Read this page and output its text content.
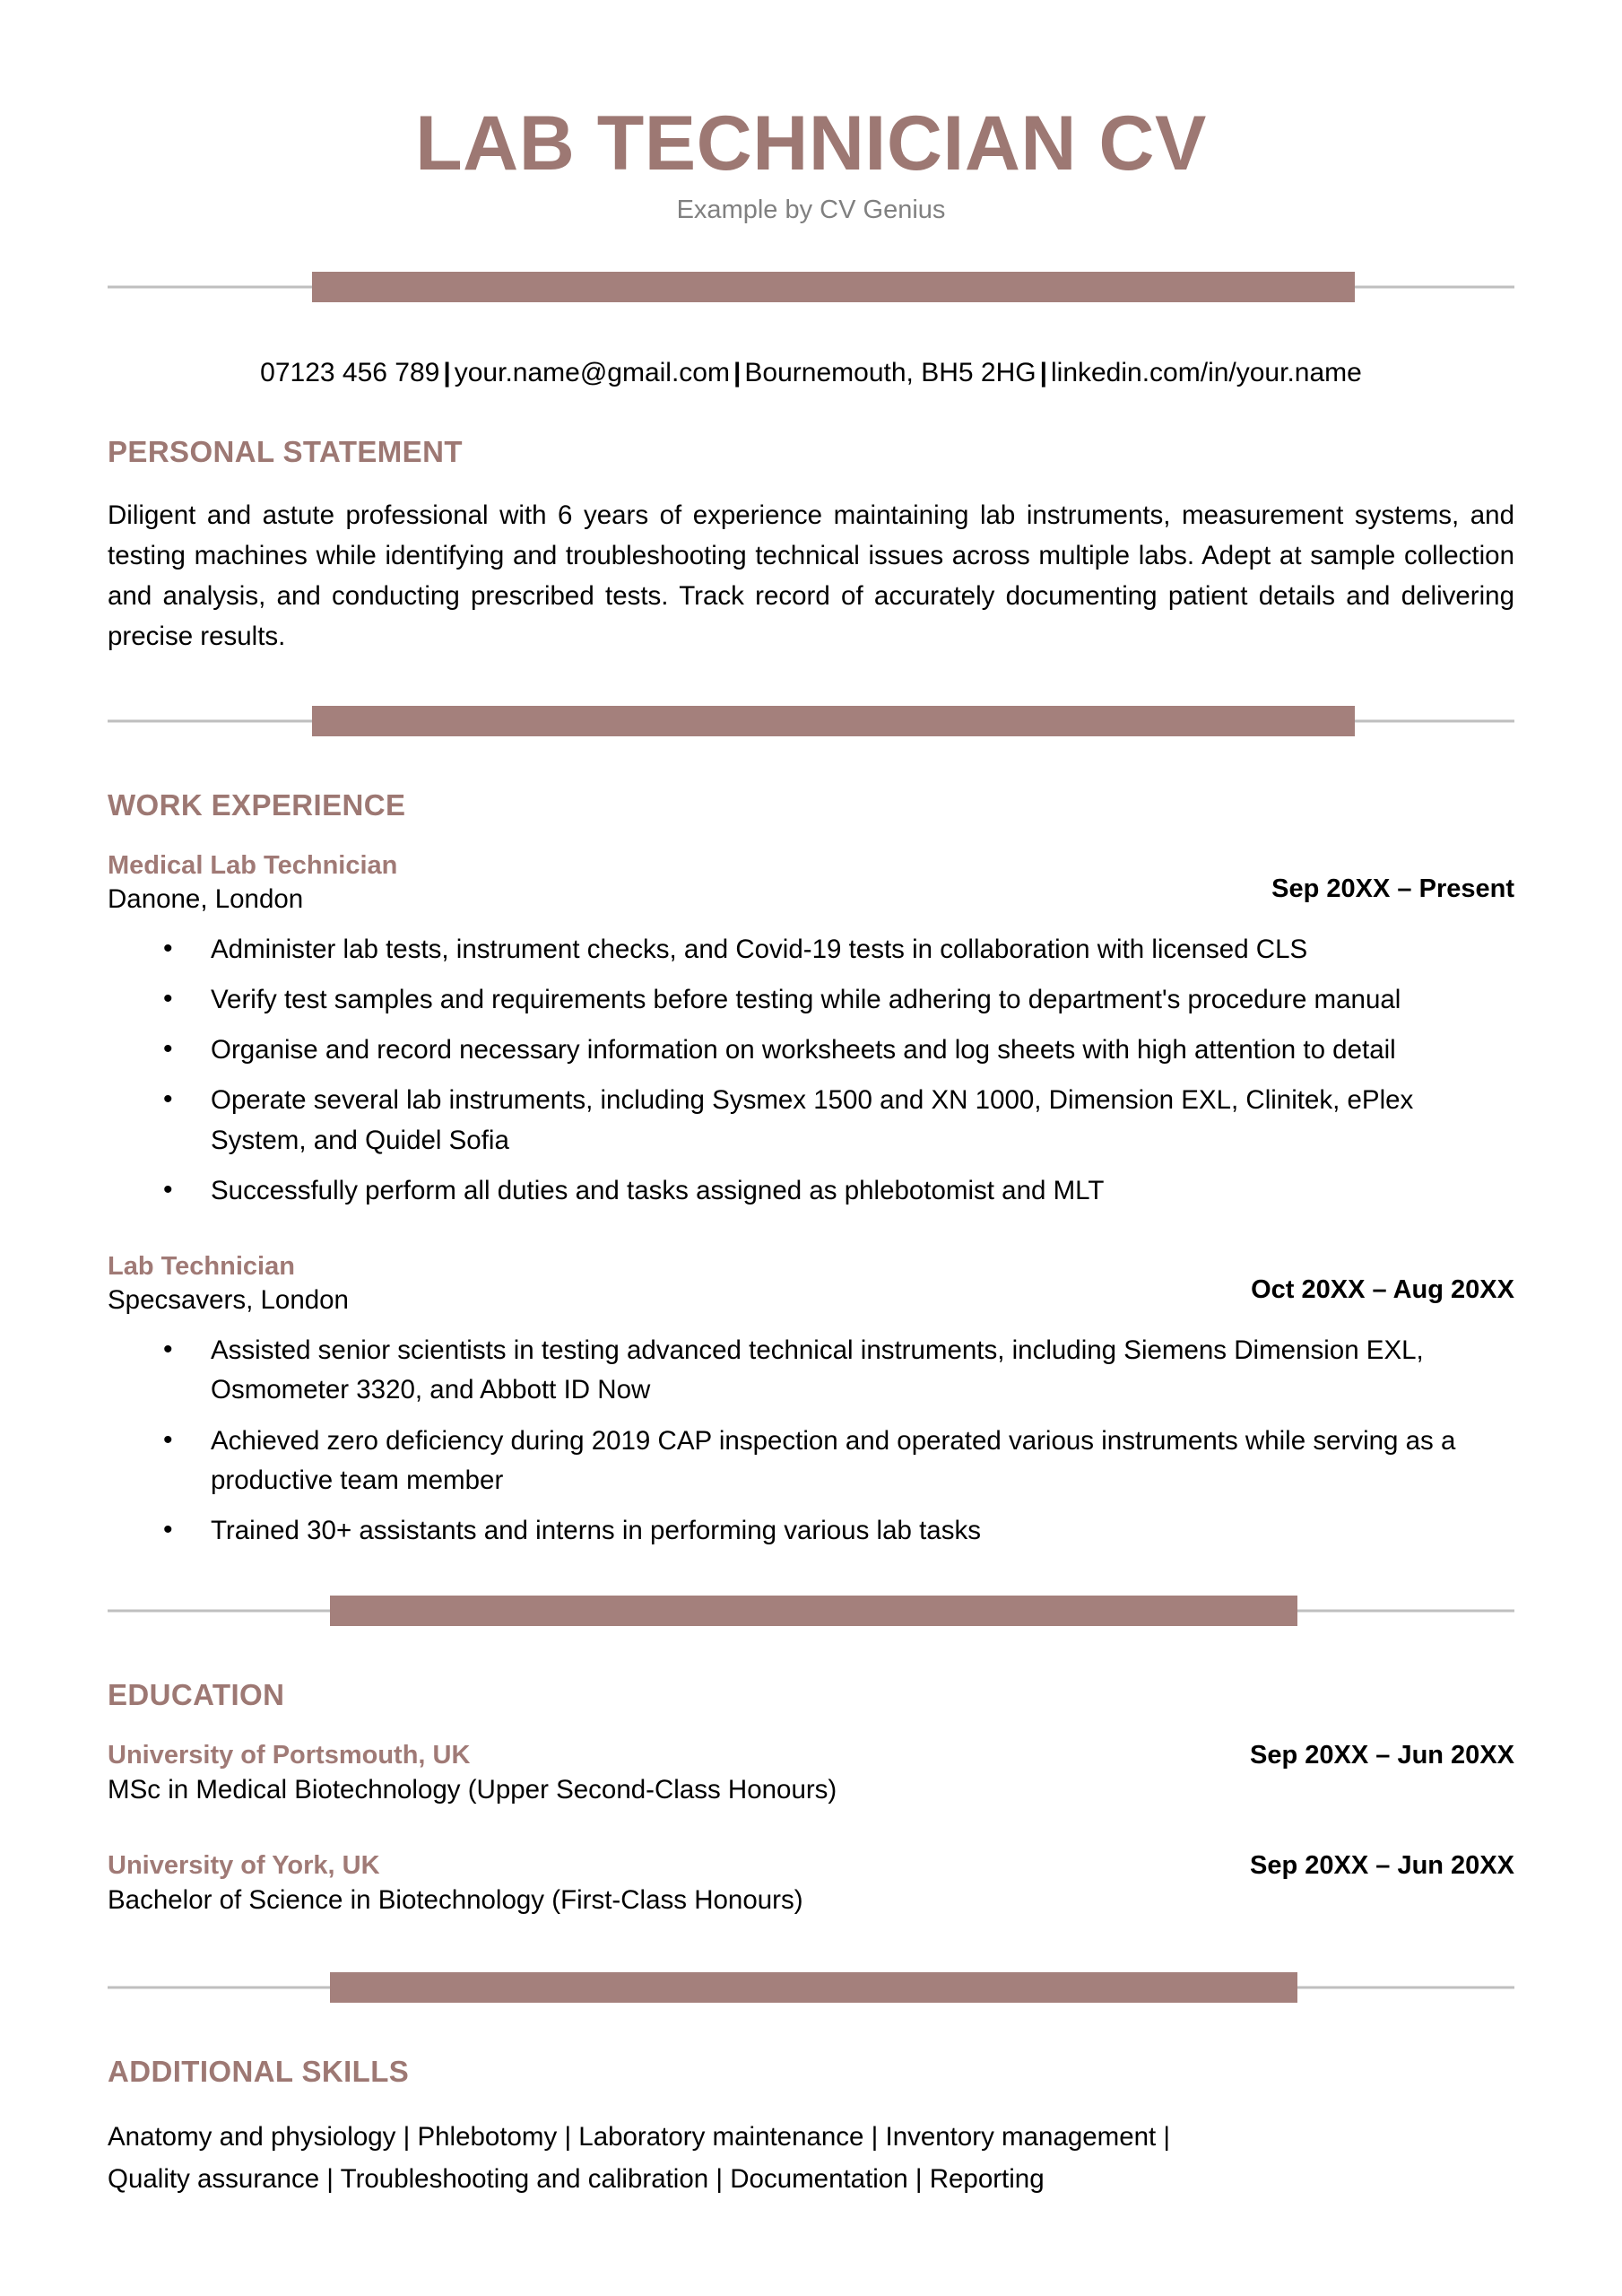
LAB TECHNICIAN CV

Example by CV Genius

07123 456 789 | your.name@gmail.com | Bournemouth, BH5 2HG | linkedin.com/in/your.name
PERSONAL STATEMENT

Diligent and astute professional with 6 years of experience maintaining lab instruments, measurement systems, and testing machines while identifying and troubleshooting technical issues across multiple labs. Adept at sample collection and analysis, and conducting prescribed tests. Track record of accurately documenting patient details and delivering precise results.

WORK EXPERIENCE
Medical Lab Technician
Danone, London	Sep 20XX – Present
• Administer lab tests, instrument checks, and Covid-19 tests in collaboration with licensed CLS
• Verify test samples and requirements before testing while adhering to department's procedure manual
• Organise and record necessary information on worksheets and log sheets with high attention to detail
• Operate several lab instruments, including Sysmex 1500 and XN 1000, Dimension EXL, Clinitek, ePlex System, and Quidel Sofia
• Successfully perform all duties and tasks assigned as phlebotomist and MLT
Lab Technician
Specsavers, London	Oct 20XX – Aug 20XX
• Assisted senior scientists in testing advanced technical instruments, including Siemens Dimension EXL, Osmometer 3320, and Abbott ID Now
• Achieved zero deficiency during 2019 CAP inspection and operated various instruments while serving as a productive team member
• Trained 30+ assistants and interns in performing various lab tasks
EDUCATION
University of Portsmouth, UK
MSc in Medical Biotechnology (Upper Second-Class Honours)
Sep 20XX – Jun 20XX
University of York, UK
Bachelor of Science in Biotechnology (First-Class Honours)
Sep 20XX – Jun 20XX
ADDITIONAL SKILLS

Anatomy and physiology | Phlebotomy | Laboratory maintenance | Inventory management |
Quality assurance | Troubleshooting and calibration | Documentation | Reporting
